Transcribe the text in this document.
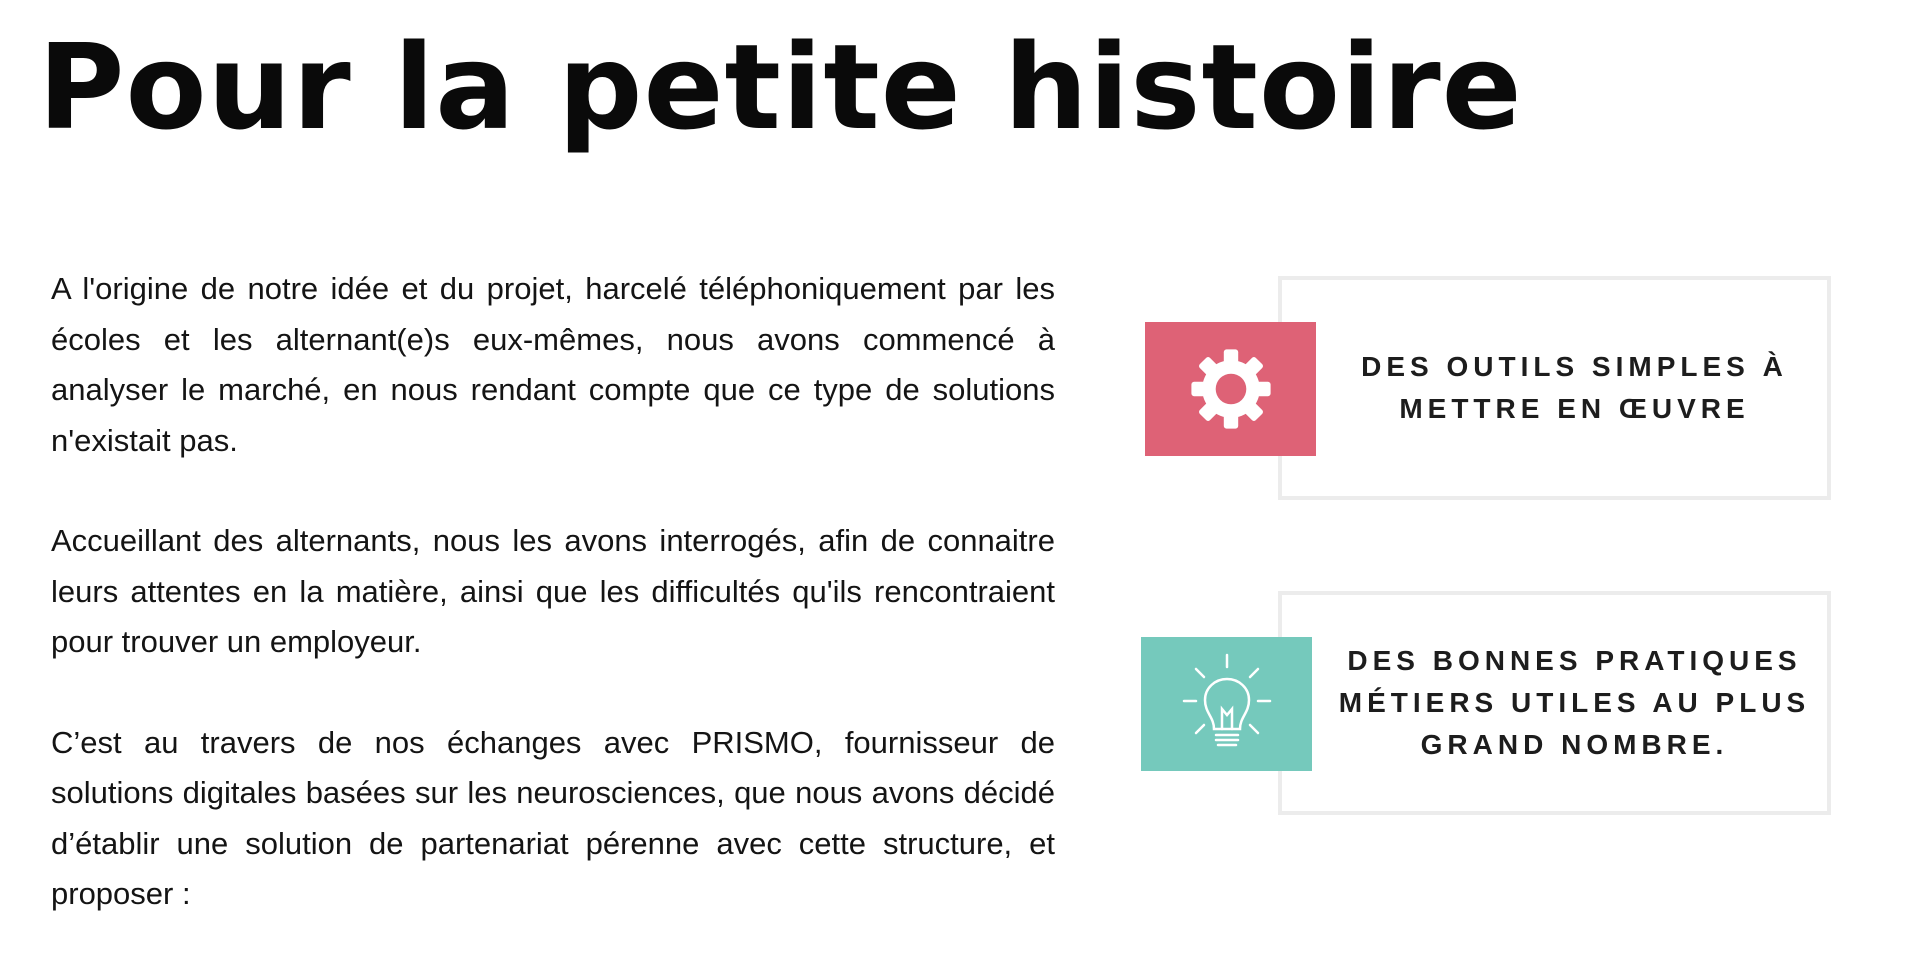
Pour la petite histoire

A l'origine de notre idée et du projet, harcelé téléphoniquement par les écoles et les alternant(e)s eux-mêmes, nous avons commencé à analyser le marché, en nous rendant compte que ce type de solutions n'existait pas.

Accueillant des alternants, nous les avons interrogés, afin de connaitre leurs attentes en la matière, ainsi que les difficultés qu'ils rencontraient pour trouver un employeur.

C’est au travers de nos échanges avec PRISMO, fournisseur de solutions digitales basées sur les neurosciences, que nous avons décidé d’établir une solution de partenariat pérenne avec cette structure, et proposer :

DES OUTILS SIMPLES À METTRE EN ŒUVRE
DES BONNES PRATIQUES MÉTIERS UTILES AU PLUS GRAND NOMBRE.
